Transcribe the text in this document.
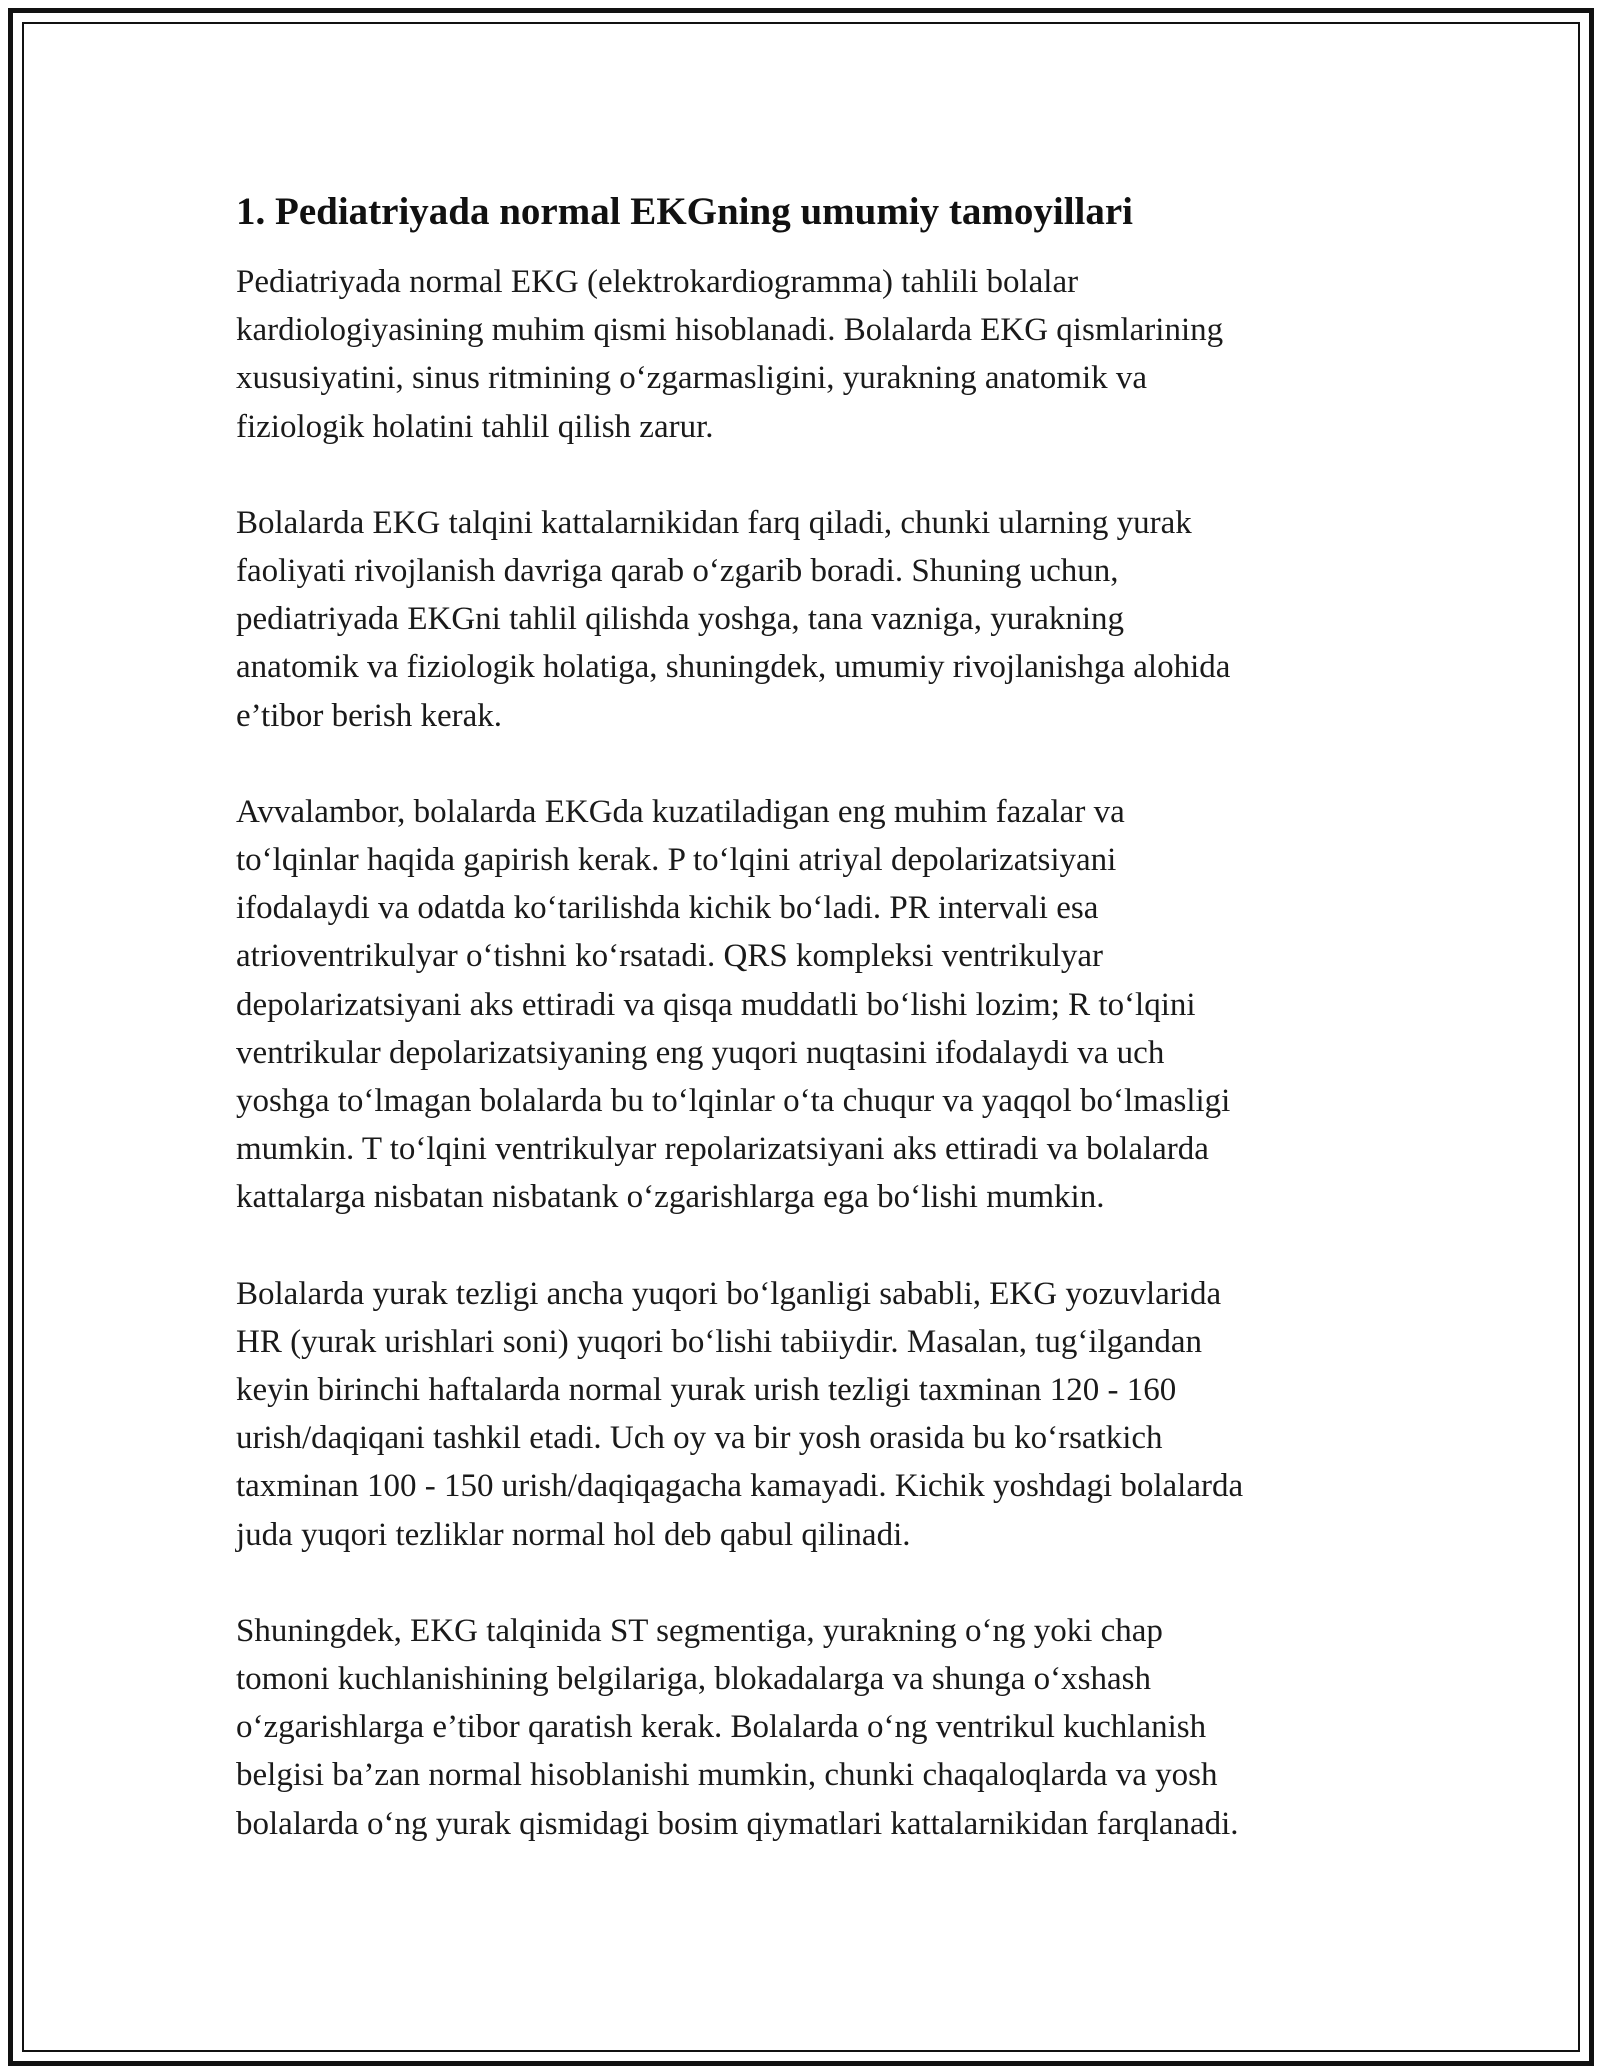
1. Pediatriyada normal EKGning umumiy tamoyillari

Pediatriyada normal EKG (elektrokardiogramma) tahlili bolalar
kardiologiyasining muhim qismi hisoblanadi. Bolalarda EKG qismlarining
xususiyatini, sinus ritmining o‘zgarmasligini, yurakning anatomik va
fiziologik holatini tahlil qilish zarur.

Bolalarda EKG talqini kattalarnikidan farq qiladi, chunki ularning yurak
faoliyati rivojlanish davriga qarab o‘zgarib boradi. Shuning uchun,
pediatriyada EKGni tahlil qilishda yoshga, tana vazniga, yurakning
anatomik va fiziologik holatiga, shuningdek, umumiy rivojlanishga alohida
e’tibor berish kerak.

Avvalambor, bolalarda EKGda kuzatiladigan eng muhim fazalar va
to‘lqinlar haqida gapirish kerak. P to‘lqini atriyal depolarizatsiyani
ifodalaydi va odatda ko‘tarilishda kichik bo‘ladi. PR intervali esa
atrioventrikulyar o‘tishni ko‘rsatadi. QRS kompleksi ventrikulyar
depolarizatsiyani aks ettiradi va qisqa muddatli bo‘lishi lozim; R to‘lqini
ventrikular depolarizatsiyaning eng yuqori nuqtasini ifodalaydi va uch
yoshga to‘lmagan bolalarda bu to‘lqinlar o‘ta chuqur va yaqqol bo‘lmasligi
mumkin. T to‘lqini ventrikulyar repolarizatsiyani aks ettiradi va bolalarda
kattalarga nisbatan nisbatank o‘zgarishlarga ega bo‘lishi mumkin.

Bolalarda yurak tezligi ancha yuqori bo‘lganligi sababli, EKG yozuvlarida
HR (yurak urishlari soni) yuqori bo‘lishi tabiiydir. Masalan, tug‘ilgandan
keyin birinchi haftalarda normal yurak urish tezligi taxminan 120 - 160
urish/daqiqani tashkil etadi. Uch oy va bir yosh orasida bu ko‘rsatkich
taxminan 100 - 150 urish/daqiqagacha kamayadi. Kichik yoshdagi bolalarda
juda yuqori tezliklar normal hol deb qabul qilinadi.

Shuningdek, EKG talqinida ST segmentiga, yurakning o‘ng yoki chap
tomoni kuchlanishining belgilariga, blokadalarga va shunga o‘xshash
o‘zgarishlarga e’tibor qaratish kerak. Bolalarda o‘ng ventrikul kuchlanish
belgisi ba’zan normal hisoblanishi mumkin, chunki chaqaloqlarda va yosh
bolalarda o‘ng yurak qismidagi bosim qiymatlari kattalarnikidan farqlanadi.
